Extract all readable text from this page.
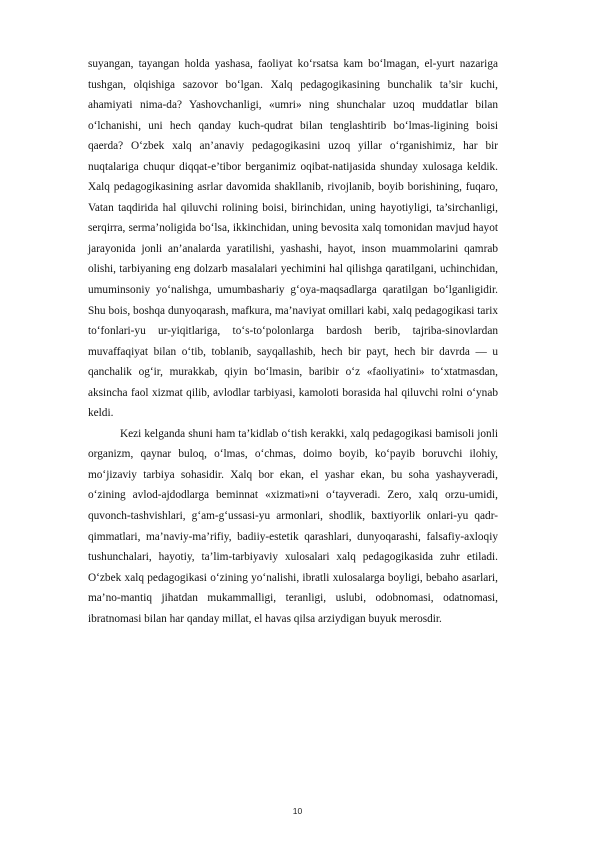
suyangan, tayangan holda yashasa, faoliyat ko‘rsatsa kam bo‘lmagan, el-yurt nazariga tushgan, olqishiga sazovor bo‘lgan. Xalq pedagogikasining bunchalik ta’sir kuchi, ahamiyati nima-da? Yashovchanligi, «umri» ning shunchalar uzoq muddatlar bilan o‘lchanishi, uni hech qanday kuch-qudrat bilan tenglashtirib bo‘lmas-ligining boisi qaerda? O‘zbek xalq an’anaviy pedagogikasini uzoq yillar o‘rganishimiz, har bir nuqtalariga chuqur diqqat-e’tibor berganimiz oqibat-natijasida shunday xulosaga keldik. Xalq pedagogikasining asrlar davomida shakllanib, rivojlanib, boyib borishining, fuqaro, Vatan taqdirida hal qiluvchi rolining boisi, birinchidan, uning hayotiyligi, ta’sirchanligi, serqirra, serma’noligida bo‘lsa, ikkinchidan, uning bevosita xalq tomonidan mavjud hayot jarayonida jonli an’analarda yaratilishi, yashashi, hayot, inson muammolarini qamrab olishi, tarbiyaning eng dolzarb masalalari yechimini hal qilishga qaratilgani, uchinchidan, umuminsoniy yo‘nalishga, umumbashariy g‘oya-maqsadlarga qaratilgan bo‘lganligidir. Shu bois, boshqa dunyoqarash, mafkura, ma’naviyat omillari kabi, xalq pedagogikasi tarix to‘fonlari-yu ur-yiqitlariga, to‘s-to‘polonlarga bardosh berib, tajriba-sinovlardan muvaffaqiyat bilan o‘tib, toblanib, sayqallashib, hech bir payt, hech bir davrda — u qanchalik og‘ir, murakkab, qiyin bo‘lmasin, baribir o‘z «faoliyatini» to‘xtatmasdan, aksincha faol xizmat qilib, avlodlar tarbiyasi, kamoloti borasida hal qiluvchi rolni o‘ynab keldi.

Kezi kelganda shuni ham ta’kidlab o‘tish kerakki, xalq pedagogikasi bamisoli jonli organizm, qaynar buloq, o‘lmas, o‘chmas, doimo boyib, ko‘payib boruvchi ilohiy, mo‘jizaviy tarbiya sohasidir. Xalq bor ekan, el yashar ekan, bu soha yashayveradi, o‘zining avlod-ajdodlarga beminnat «xizmati»ni o‘tayveradi. Zero, xalq orzu-umidi, quvonch-tashvishlari, g‘am-g‘ussasi-yu armonlari, shodlik, baxtiyorlik onlari-yu qadr-qimmatlari, ma’naviy-ma’rifiy, badiiy-estetik qarashlari, dunyoqarashi, falsafiy-axloqiy tushunchalari, hayotiy, ta’lim-tarbiyaviy xulosalari xalq pedagogikasida zuhr etiladi. O‘zbek xalq pedagogikasi o‘zining yo‘nalishi, ibratli xulosalarga boyligi, bebaho asarlari, ma’no-mantiq jihatdan mukammalligi, teranligi, uslubi, odobnomasi, odatnomasi, ibratnomasi bilan har qanday millat, el havas qilsa arziydigan buyuk merosdir.

10
